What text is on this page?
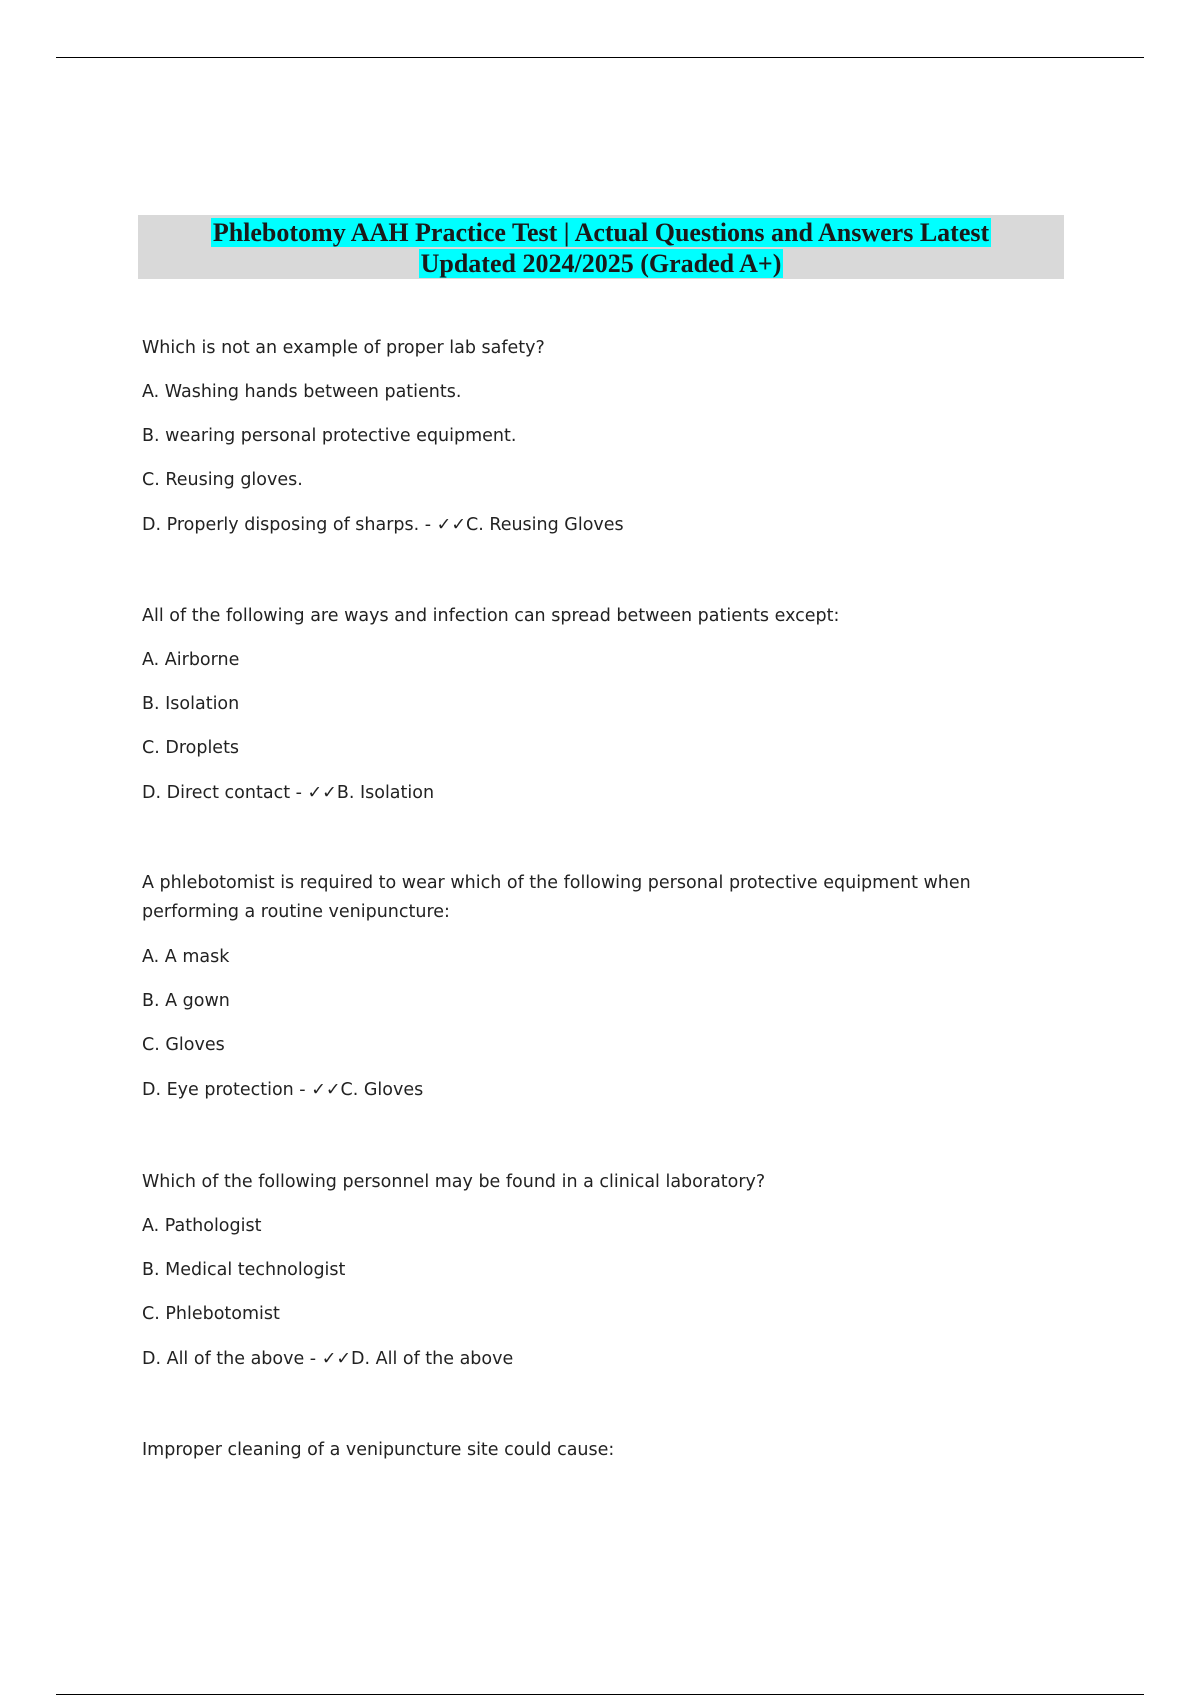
Phlebotomy AAH Practice Test | Actual Questions and Answers Latest
Updated 2024/2025 (Graded A+)
Which is not an example of proper lab safety?
A. Washing hands between patients.
B. wearing personal protective equipment.
C. Reusing gloves.
D. Properly disposing of sharps. - ✓✓C. Reusing Gloves
All of the following are ways and infection can spread between patients except:
A. Airborne
B. Isolation
C. Droplets
D. Direct contact - ✓✓B. Isolation
A phlebotomist is required to wear which of the following personal protective equipment when performing a routine venipuncture:
A. A mask
B. A gown
C. Gloves
D. Eye protection - ✓✓C. Gloves
Which of the following personnel may be found in a clinical laboratory?
A. Pathologist
B. Medical technologist
C. Phlebotomist
D. All of the above - ✓✓D. All of the above
Improper cleaning of a venipuncture site could cause:
